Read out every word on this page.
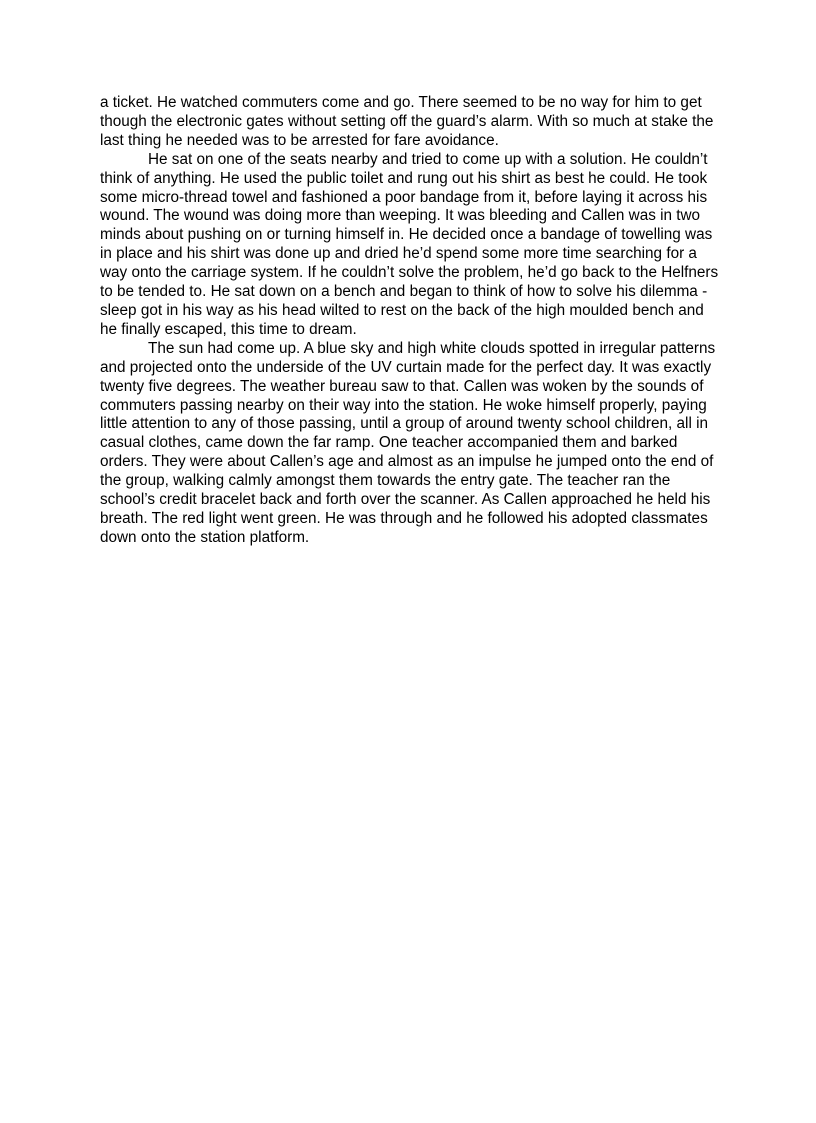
a ticket. He watched commuters come and go. There seemed to be no way for him to get though the electronic gates without setting off the guard’s alarm. With so much at stake the last thing he needed was to be arrested for fare avoidance.

He sat on one of the seats nearby and tried to come up with a solution. He couldn’t think of anything. He used the public toilet and rung out his shirt as best he could. He took some micro-thread towel and fashioned a poor bandage from it, before laying it across his wound. The wound was doing more than weeping. It was bleeding and Callen was in two minds about pushing on or turning himself in. He decided once a bandage of towelling was in place and his shirt was done up and dried he’d spend some more time searching for a way onto the carriage system. If he couldn’t solve the problem, he’d go back to the Helfners to be tended to. He sat down on a bench and began to think of how to solve his dilemma - sleep got in his way as his head wilted to rest on the back of the high moulded bench and he finally escaped, this time to dream.

The sun had come up. A blue sky and high white clouds spotted in irregular patterns and projected onto the underside of the UV curtain made for the perfect day. It was exactly twenty five degrees. The weather bureau saw to that. Callen was woken by the sounds of commuters passing nearby on their way into the station. He woke himself properly, paying little attention to any of those passing, until a group of around twenty school children, all in casual clothes, came down the far ramp. One teacher accompanied them and barked orders. They were about Callen’s age and almost as an impulse he jumped onto the end of the group, walking calmly amongst them towards the entry gate. The teacher ran the school’s credit bracelet back and forth over the scanner. As Callen approached he held his breath. The red light went green. He was through and he followed his adopted classmates down onto the station platform.
